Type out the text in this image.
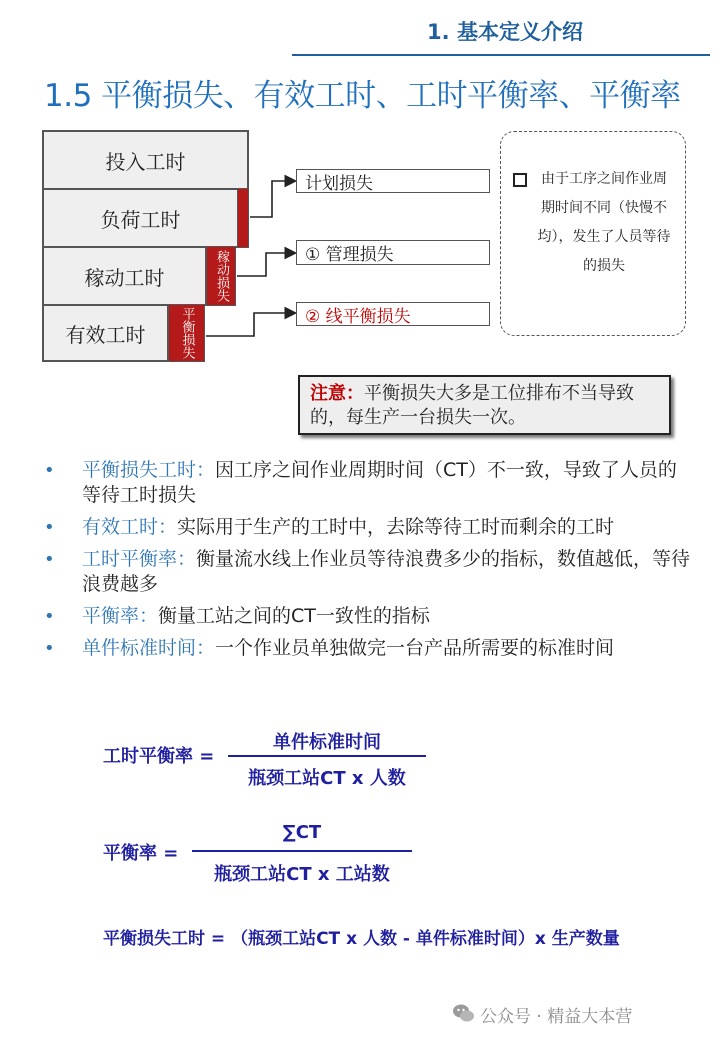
1. 基本定义介绍
1.5 平衡损失、有效工时、工时平衡率、平衡率
投入工时
负荷工时
稼动工时	稼动损失
有效工时	平衡损失
计划损失
① 管理损失
② 线平衡损失
由于工序之间作业周期时间不同（快慢不均），发生了人员等待的损失
注意：平衡损失大多是工位排布不当导致的，每生产一台损失一次。
• 平衡损失工时：因工序之间作业周期时间（CT）不一致，导致了人员的等待工时损失
• 有效工时：实际用于生产的工时中，去除等待工时而剩余的工时
• 工时平衡率：衡量流水线上作业员等待浪费多少的指标，数值越低，等待浪费越多
• 平衡率：衡量工站之间的CT一致性的指标
• 单件标准时间：一个作业员单独做完一台产品所需要的标准时间
工时平衡率 =
单件标准时间
瓶颈工站CT x 人数
平衡率 =
∑CT
瓶颈工站CT x 工站数
平衡损失工时 = （瓶颈工站CT x 人数 - 单件标准时间）x 生产数量
公众号 · 精益大本营
